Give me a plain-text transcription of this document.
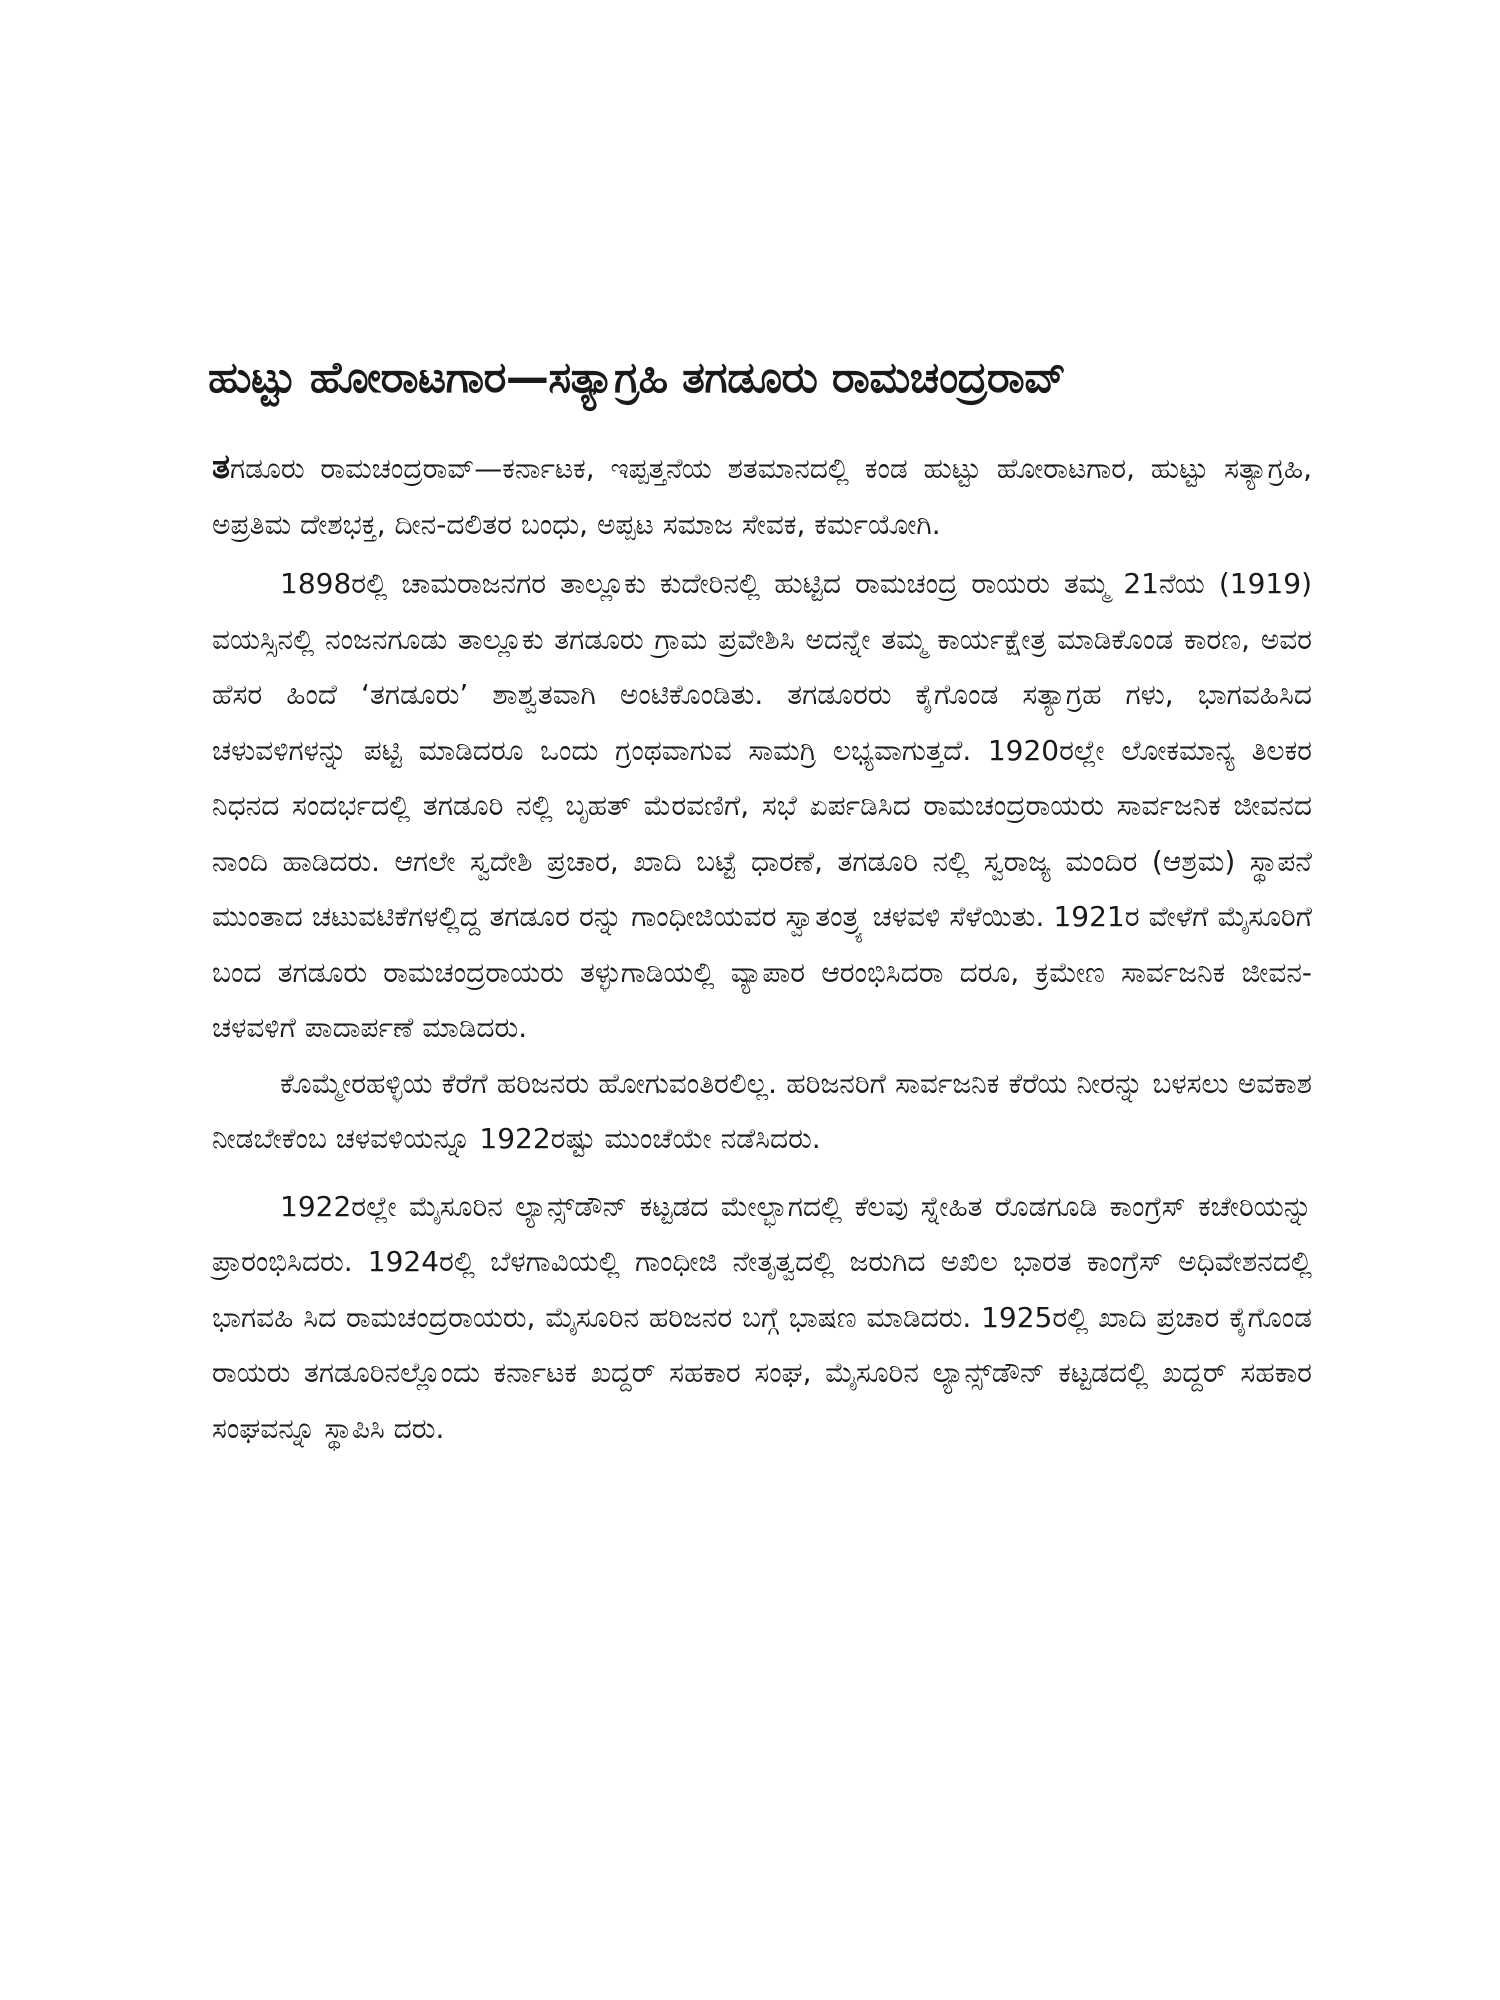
ಹುಟ್ಟು ಹೋರಾಟಗಾರ—ಸತ್ಯಾಗ್ರಹಿ ತಗಡೂರು ರಾಮಚಂದ್ರರಾವ್

ತಗಡೂರು ರಾಮಚಂದ್ರರಾವ್—ಕರ್ನಾಟಕ, ಇಪ್ಪತ್ತನೆಯ ಶತಮಾನದಲ್ಲಿ ಕಂಡ ಹುಟ್ಟು ಹೋರಾಟಗಾರ, ಹುಟ್ಟು ಸತ್ಯಾಗ್ರಹಿ, ಅಪ್ರತಿಮ ದೇಶಭಕ್ತ, ದೀನ-ದಲಿತರ ಬಂಧು, ಅಪ್ಪಟ ಸಮಾಜ ಸೇವಕ, ಕರ್ಮಯೋಗಿ.

1898ರಲ್ಲಿ ಚಾಮರಾಜನಗರ ತಾಲ್ಲೂಕು ಕುದೇರಿನಲ್ಲಿ ಹುಟ್ಟಿದ ರಾಮಚಂದ್ರ ರಾಯರು ತಮ್ಮ 21ನೆಯ (1919) ವಯಸ್ಸಿನಲ್ಲಿ ನಂಜನಗೂಡು ತಾಲ್ಲೂಕು ತಗಡೂರು ಗ್ರಾಮ ಪ್ರವೇಶಿಸಿ ಅದನ್ನೇ ತಮ್ಮ ಕಾರ್ಯಕ್ಷೇತ್ರ ಮಾಡಿಕೊಂಡ ಕಾರಣ, ಅವರ ಹೆಸರ ಹಿಂದೆ ‘ತಗಡೂರು’ ಶಾಶ್ವತವಾಗಿ ಅಂಟಿಕೊಂಡಿತು. ತಗಡೂರರು ಕೈಗೊಂಡ ಸತ್ಯಾಗ್ರಹ ಗಳು, ಭಾಗವಹಿಸಿದ ಚಳುವಳಿಗಳನ್ನು ಪಟ್ಟಿ ಮಾಡಿದರೂ ಒಂದು ಗ್ರಂಥವಾಗುವ ಸಾಮಗ್ರಿ ಲಭ್ಯವಾಗುತ್ತದೆ. 1920ರಲ್ಲೇ ಲೋಕಮಾನ್ಯ ತಿಲಕರ ನಿಧನದ ಸಂದರ್ಭದಲ್ಲಿ ತಗಡೂರಿ ನಲ್ಲಿ ಬೃಹತ್ ಮೆರವಣಿಗೆ, ಸಭೆ ಏರ್ಪಡಿಸಿದ ರಾಮಚಂದ್ರರಾಯರು ಸಾರ್ವಜನಿಕ ಜೀವನದ ನಾಂದಿ ಹಾಡಿದರು. ಆಗಲೇ ಸ್ವದೇಶಿ ಪ್ರಚಾರ, ಖಾದಿ ಬಟ್ಟೆ ಧಾರಣೆ, ತಗಡೂರಿ ನಲ್ಲಿ ಸ್ವರಾಜ್ಯ ಮಂದಿರ (ಆಶ್ರಮ) ಸ್ಥಾಪನೆ ಮುಂತಾದ ಚಟುವಟಿಕೆಗಳಲ್ಲಿದ್ದ ತಗಡೂರ ರನ್ನು ಗಾಂಧೀಜಿಯವರ ಸ್ವಾತಂತ್ರ್ಯ ಚಳವಳಿ ಸೆಳೆಯಿತು. 1921ರ ವೇಳೆಗೆ ಮೈಸೂರಿಗೆ ಬಂದ ತಗಡೂರು ರಾಮಚಂದ್ರರಾಯರು ತಳ್ಳುಗಾಡಿಯಲ್ಲಿ ವ್ಯಾಪಾರ ಆರಂಭಿಸಿದರಾ ದರೂ, ಕ್ರಮೇಣ ಸಾರ್ವಜನಿಕ ಜೀವನ-ಚಳವಳಿಗೆ ಪಾದಾರ್ಪಣೆ ಮಾಡಿದರು.

ಕೊಮ್ಮೇರಹಳ್ಳಿಯ ಕೆರೆಗೆ ಹರಿಜನರು ಹೋಗುವಂತಿರಲಿಲ್ಲ. ಹರಿಜನರಿಗೆ ಸಾರ್ವಜನಿಕ ಕೆರೆಯ ನೀರನ್ನು ಬಳಸಲು ಅವಕಾಶ ನೀಡಬೇಕೆಂಬ ಚಳವಳಿಯನ್ನೂ 1922ರಷ್ಟು ಮುಂಚೆಯೇ ನಡೆಸಿದರು.

1922ರಲ್ಲೇ ಮೈಸೂರಿನ ಲ್ಯಾನ್ಸ್‌ಡೌನ್ ಕಟ್ಟಡದ ಮೇಲ್ಭಾಗದಲ್ಲಿ ಕೆಲವು ಸ್ನೇಹಿತ ರೊಡಗೂಡಿ ಕಾಂಗ್ರೆಸ್ ಕಚೇರಿಯನ್ನು ಪ್ರಾರಂಭಿಸಿದರು. 1924ರಲ್ಲಿ ಬೆಳಗಾವಿಯಲ್ಲಿ ಗಾಂಧೀಜಿ ನೇತೃತ್ವದಲ್ಲಿ ಜರುಗಿದ ಅಖಿಲ ಭಾರತ ಕಾಂಗ್ರೆಸ್ ಅಧಿವೇಶನದಲ್ಲಿ ಭಾಗವಹಿ ಸಿದ ರಾಮಚಂದ್ರರಾಯರು, ಮೈಸೂರಿನ ಹರಿಜನರ ಬಗ್ಗೆ ಭಾಷಣ ಮಾಡಿದರು. 1925ರಲ್ಲಿ ಖಾದಿ ಪ್ರಚಾರ ಕೈಗೊಂಡ ರಾಯರು ತಗಡೂರಿನಲ್ಲೊಂದು ಕರ್ನಾಟಕ ಖದ್ದರ್ ಸಹಕಾರ ಸಂಘ, ಮೈಸೂರಿನ ಲ್ಯಾನ್ಸ್‌ಡೌನ್ ಕಟ್ಟಡದಲ್ಲಿ ಖದ್ದರ್ ಸಹಕಾರ ಸಂಘವನ್ನೂ ಸ್ಥಾಪಿಸಿ ದರು.
